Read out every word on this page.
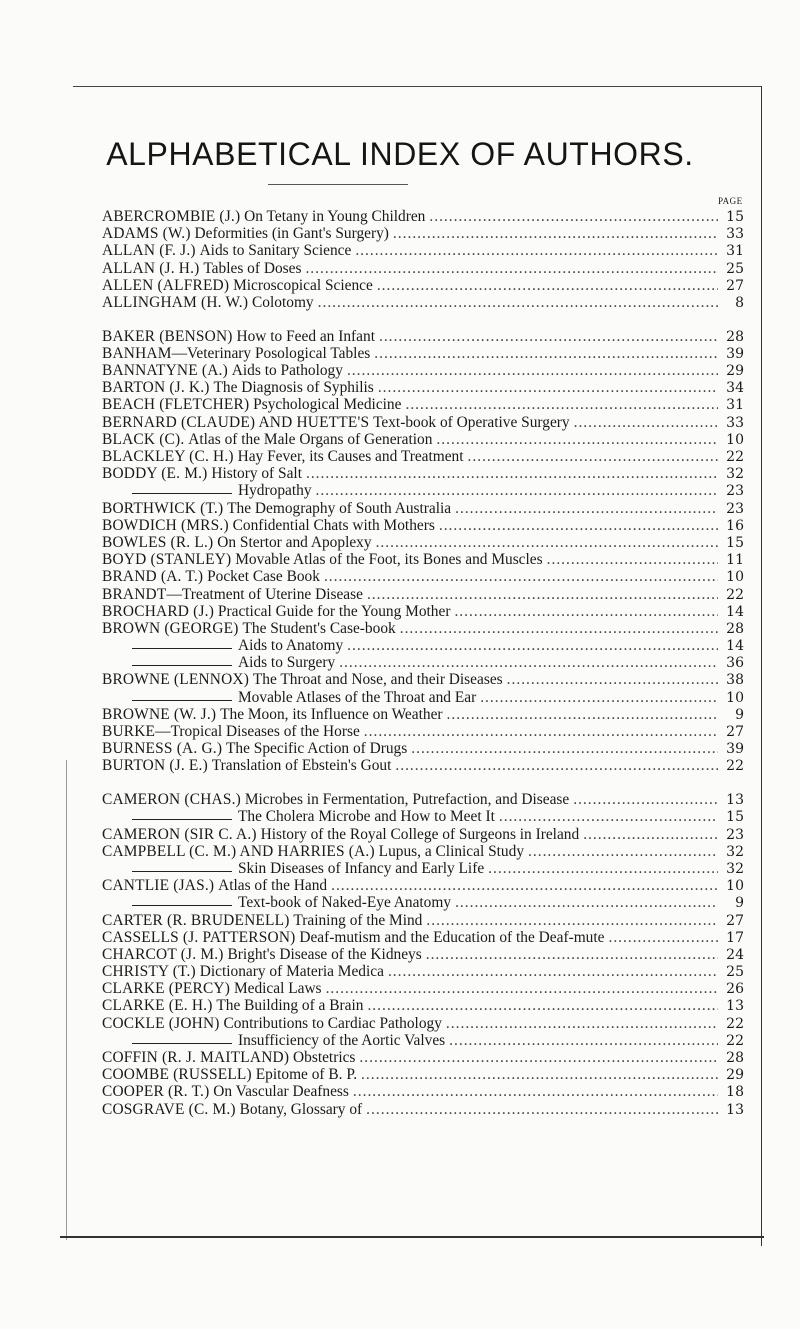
ALPHABETICAL INDEX OF AUTHORS.
PAGE
ABERCROMBIE (J.)
On Tetany in Young Children .....	15
ADAMS (W.)
Deformities (in Gant's Surgery) .....	33
ALLAN (F. J.)
Aids to Sanitary Science .....	31
ALLAN (J. H.)
Tables of Doses .....	25
ALLEN (ALFRED)
Microscopical Science .....	27
ALLINGHAM (H. W.)
Colotomy .....	8
BAKER (BENSON)
How to Feed an Infant .....	28
BANHAM —Veterinary Posological Tables .....	39
BANNATYNE (A.)
Aids to Pathology .....	29
BARTON (J. K.)
The Diagnosis of Syphilis .....	34
BEACH (FLETCHER)
Psychological Medicine .....	31
BERNARD (CLAUDE) AND HUETTE'S
Text-book of Operative Surgery .....	33
BLACK (C).
Atlas of the Male Organs of Generation .....	10
BLACKLEY (C. H.)
Hay Fever, its Causes and Treatment .....	22
BODDY (E. M.)
History of Salt .....	32
Hydropathy .....	23
BORTHWICK (T.)
The Demography of South Australia .....	23
BOWDICH (MRS.)
Confidential Chats with Mothers .....	16
BOWLES (R. L.)
On Stertor and Apoplexy .....	15
BOYD (STANLEY)
Movable Atlas of the Foot, its Bones and Muscles .....	11
BRAND (A. T.)
Pocket Case Book .....	10
BRANDT —Treatment of Uterine Disease .....	22
BROCHARD (J.)
Practical Guide for the Young Mother .....	14
BROWN (GEORGE)
The Student's Case-book .....	28
Aids to Anatomy .....	14
Aids to Surgery .....	36
BROWNE (LENNOX)
The Throat and Nose, and their Diseases .....	38
Movable Atlases of the Throat and Ear .....	10
BROWNE (W. J.)
The Moon, its Influence on Weather .....	9
BURKE —Tropical Diseases of the Horse .....	27
BURNESS (A. G.)
The Specific Action of Drugs .....	39
BURTON (J. E.)
Translation of Ebstein's Gout .....	22
CAMERON (CHAS.)
Microbes in Fermentation, Putrefaction, and Disease .....	13
The Cholera Microbe and How to Meet It .....	15
CAMERON (SIR C. A.)
History of the Royal College of Surgeons in Ireland .....	23
CAMPBELL (C. M.) AND HARRIES (A.)
Lupus, a Clinical Study .....	32
Skin Diseases of Infancy and Early Life .....	32
CANTLIE (JAS.)
Atlas of the Hand .....	10
Text-book of Naked-Eye Anatomy .....	9
CARTER (R. BRUDENELL)
Training of the Mind .....	27
CASSELLS (J. PATTERSON)
Deaf-mutism and the Education of the Deaf-mute .....	17
CHARCOT (J. M.)
Bright's Disease of the Kidneys .....	24
CHRISTY (T.)
Dictionary of Materia Medica .....	25
CLARKE (PERCY)
Medical Laws .....	26
CLARKE (E. H.)
The Building of a Brain .....	13
COCKLE (JOHN)
Contributions to Cardiac Pathology .....	22
Insufficiency of the Aortic Valves .....	22
COFFIN (R. J. MAITLAND)
Obstetrics .....	28
COOMBE (RUSSELL)
Epitome of B. P. .....	29
COOPER (R. T.)
On Vascular Deafness .....	18
COSGRAVE (C. M.)
Botany, Glossary of .....	13
